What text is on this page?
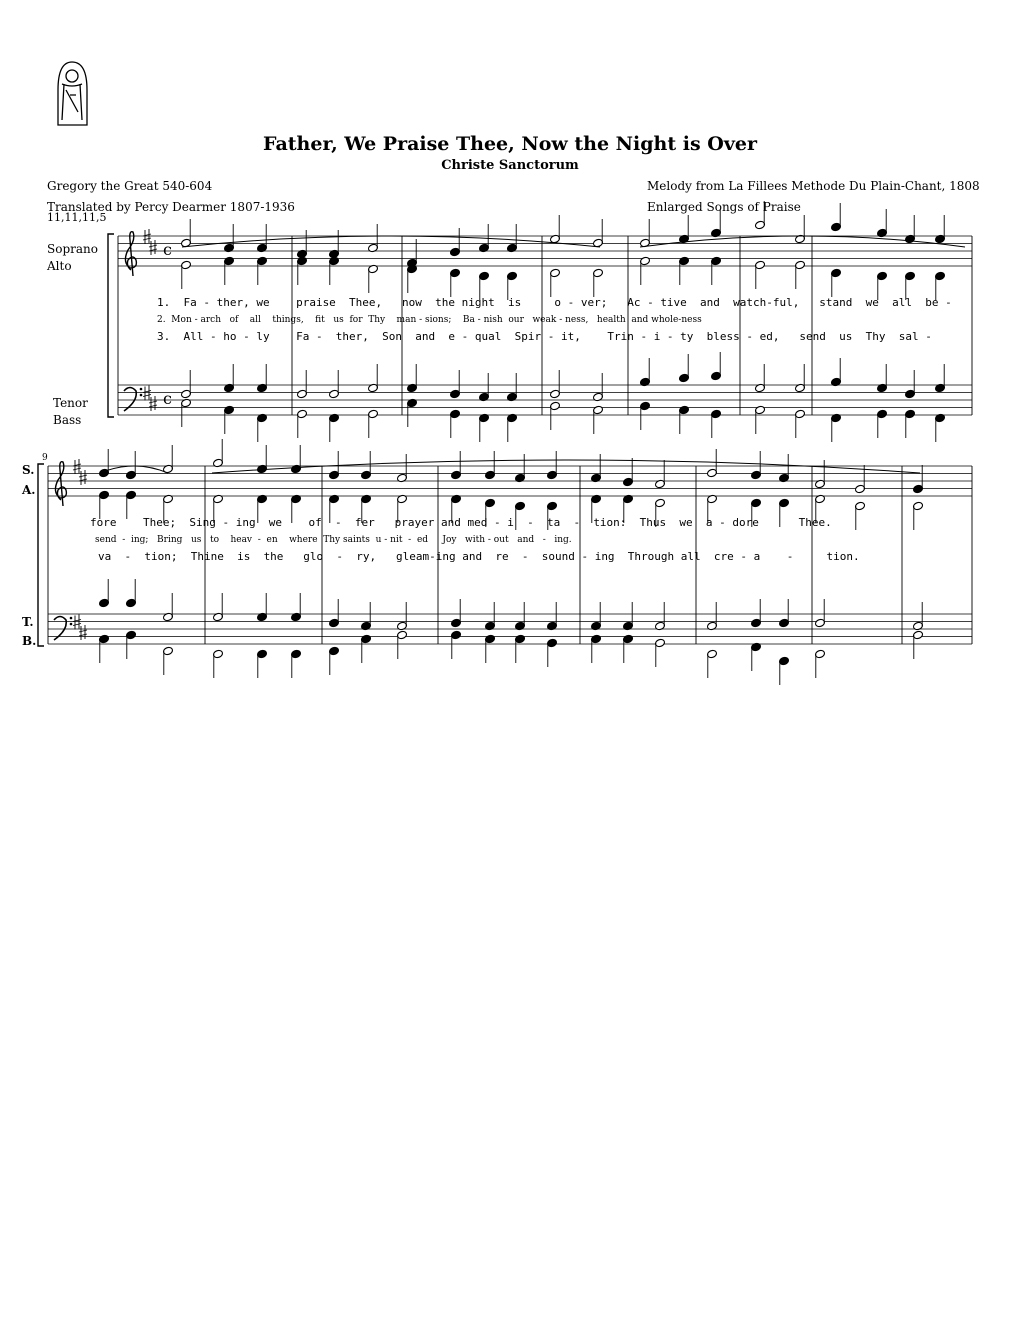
Father, We Praise Thee, Now the Night is Over
Christe Sanctorum
Gregory the Great 540-604
Translated by Percy Dearmer 1807-1936
11,11,11,5
Melody from La Fillees Methode Du Plain-Chant, 1808
Enlarged Songs of Praise
Soprano
Alto
Tenor
Bass
S.
A.
T.
B.
9
1.  Fa - ther, we    praise  Thee,   now  the night  is     o - ver;   Ac - tive  and  watch-ful,   stand  we  all  be -
2.  Mon - arch   of    all    things,    fit   us  for  Thy    man - sions;    Ba - nish  our   weak - ness,   health  and whole-ness
3.  All - ho - ly    Fa -  ther,  Son  and  e - qual  Spir - it,    Trin - i - ty  bless - ed,   send  us  Thy  sal -
fore    Thee;  Sing - ing  we    of  -  fer   prayer and med - i  -  ta  -  tion:  Thus  we  a - dore      Thee.
send  -  ing;   Bring   us   to    heav  -  en    where  Thy saints  u - nit  -  ed     Joy   with - out   and   -   ing.
va  -  tion;  Thine  is  the   glo  -  ry,   gleam-ing and  re  -  sound - ing  Through all  cre - a    -     tion.
c
c
